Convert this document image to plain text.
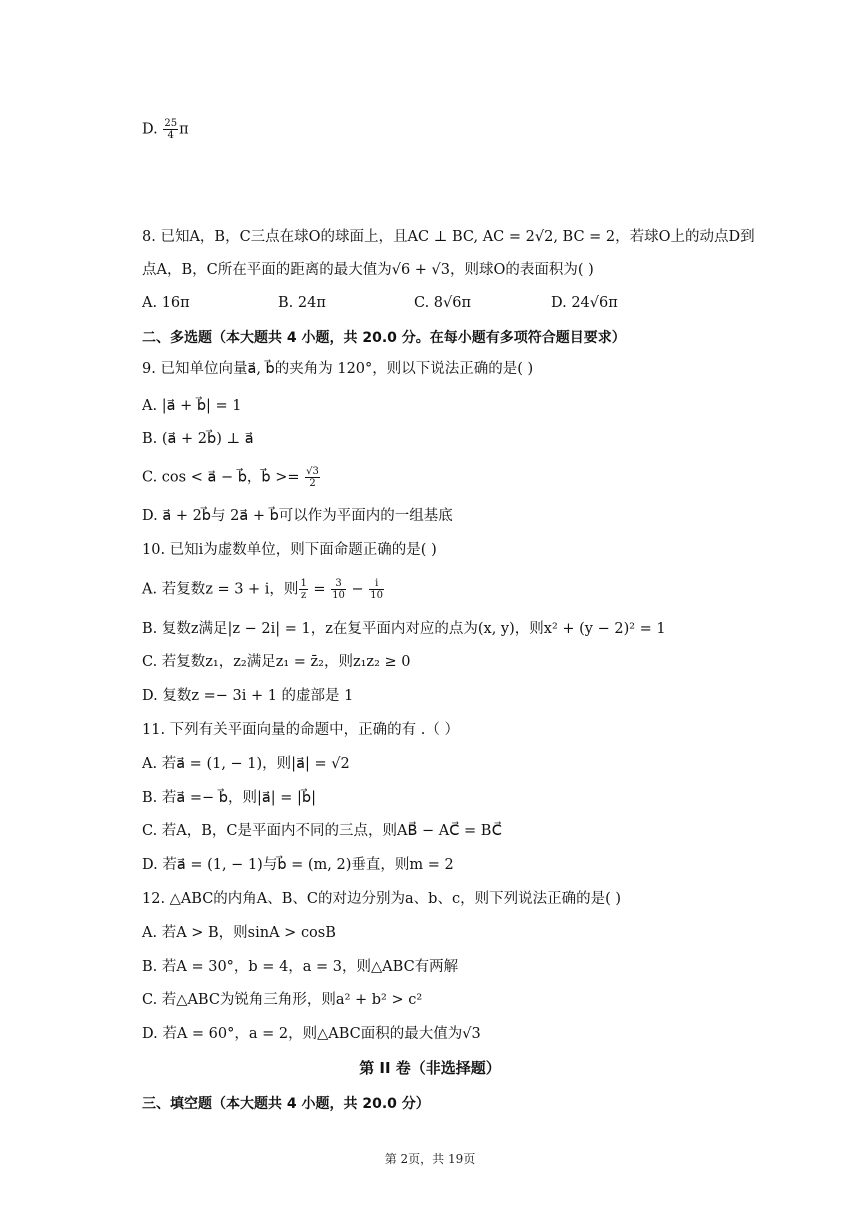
D. $\frac{25}{4}$ π
8. 已知A，B，C三点在球O的球面上，且AC ⊥ BC, AC = 2√2, BC = 2，若球O上的动点D到
点A，B，C所在平面的距离的最大值为√6 + √3，则球O的表面积为( )
A. 16π	B. 24π	C. 8√6π	D. 24√6π
二、多选题（本大题共 4 小题，共 20.0 分。在每小题有多项符合题目要求）
9. 已知单位向量a⃗, b⃗的夹角为 120°，则以下说法正确的是( )
A. |a⃗ + b⃗| = 1
B. (a⃗ + 2b⃗) ⊥ a⃗
C. cos < a⃗ − b⃗，b⃗ >= $\frac{√3}{2}$
D. a⃗ + 2b⃗与 2a⃗ + b⃗可以作为平面内的一组基底
10. 已知i为虚数单位，则下面命题正确的是( )
A. 若复数z = 3 + i，则 $\frac{1}{z} = \frac{3}{10} - \frac{i}{10}$
B. 复数z满足|z − 2i| = 1，z在复平面内对应的点为(x, y)，则x² + (y − 2)² = 1
C. 若复数z₁，z₂满足z₁ = z̄₂，则z₁z₂ ≥ 0
D. 复数z =− 3i + 1 的虚部是 1
11. 下列有关平面向量的命题中，正确的有 .（ ）
A. 若a⃗ = (1, − 1)，则|a⃗| = √2
B. 若a⃗ =− b⃗，则|a⃗| = |b⃗|
C. 若A，B，C是平面内不同的三点，则AB⃗ − AC⃗ = BC⃗
D. 若a⃗ = (1, − 1)与b⃗ = (m, 2)垂直，则m = 2
12. △ABC的内角A、B、C的对边分别为a、b、c，则下列说法正确的是( )
A. 若A > B，则sinA > cosB
B. 若A = 30°，b = 4，a = 3，则△ABC有两解
C. 若△ABC为锐角三角形，则a² + b² > c²
D. 若A = 60°，a = 2，则△ABC面积的最大值为√3
第 II 卷（非选择题）
三、填空题（本大题共 4 小题，共 20.0 分）
第 2页，共 19页
